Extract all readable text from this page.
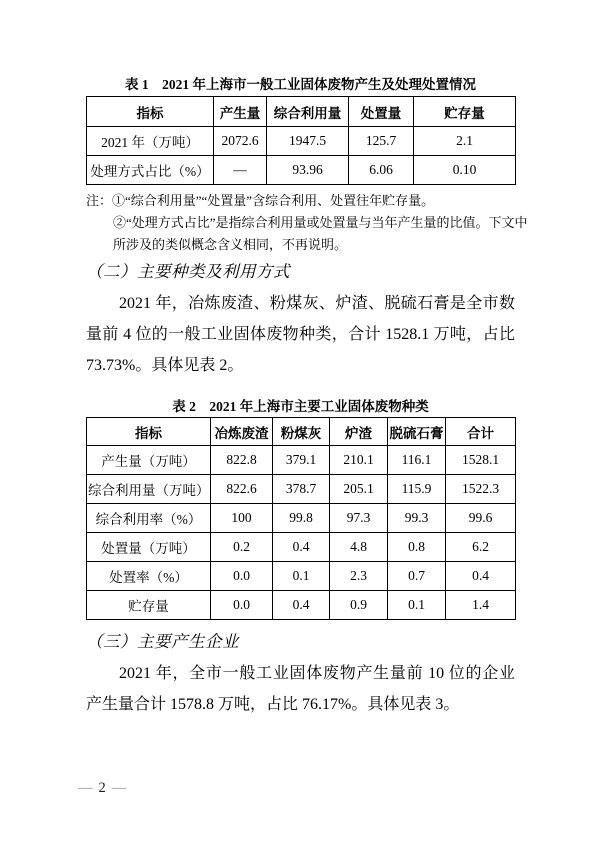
表 1　2021 年上海市一般工业固体废物产生及处理处置情况
指标	产生量	综合利用量	处置量	贮存量
2021 年（万吨）	2072.6	1947.5	125.7	2.1
处理方式占比（%）	—	93.96	6.06	0.10
注：①“综合利用量”“处置量”含综合利用、处置往年贮存量。
②“处理方式占比”是指综合利用量或处置量与当年产生量的比值。下文中
所涉及的类似概念含义相同，不再说明。
（二）主要种类及利用方式
2021 年，冶炼废渣、粉煤灰、炉渣、脱硫石膏是全市数
量前 4 位的一般工业固体废物种类，合计 1528.1 万吨，占比
73.73%。具体见表 2。
表 2　2021 年上海市主要工业固体废物种类
指标	冶炼废渣	粉煤灰	炉渣	脱硫石膏	合计
产生量（万吨）	822.8	379.1	210.1	116.1	1528.1
综合利用量（万吨）	822.6	378.7	205.1	115.9	1522.3
综合利用率（%）	100	99.8	97.3	99.3	99.6
处置量（万吨）	0.2	0.4	4.8	0.8	6.2
处置率（%）	0.0	0.1	2.3	0.7	0.4
贮存量	0.0	0.4	0.9	0.1	1.4
（三）主要产生企业
2021 年，全市一般工业固体废物产生量前 10 位的企业
产生量合计 1578.8 万吨，占比 76.17%。具体见表 3。
— 2 —
